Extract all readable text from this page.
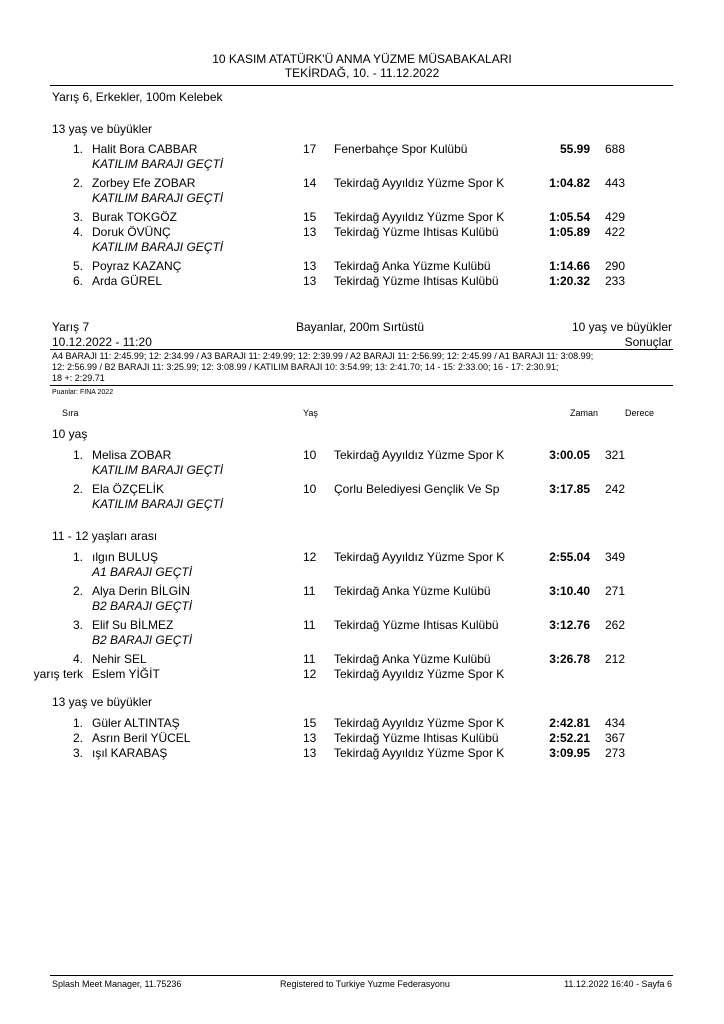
10 KASIM ATATÜRK'Ü ANMA YÜZME MÜSABAKALARI
TEKİRDAĞ, 10. - 11.12.2022
Yarış 6, Erkekler, 100m Kelebek
13 yaş ve büyükler
1. Halit Bora CABBAR	17 Fenerbahçe Spor Kulübü	55.99 688
KATILIM BARAJI GEÇTİ
2. Zorbey Efe ZOBAR	14 Tekirdağ Ayyıldız Yüzme Spor K	1:04.82 443
KATILIM BARAJI GEÇTİ
3. Burak TOKGÖZ	15 Tekirdağ Ayyıldız Yüzme Spor K	1:05.54 429
4. Doruk ÖVÜNÇ	13 Tekirdağ Yüzme Ihtisas Kulübü	1:05.89 422
KATILIM BARAJI GEÇTİ
5. Poyraz KAZANÇ	13 Tekirdağ Anka Yüzme Kulübü	1:14.66 290
6. Arda GÜREL	13 Tekirdağ Yüzme Ihtisas Kulübü	1:20.32 233
Yarış 7	Bayanlar, 200m Sırtüstü	10 yaş ve büyükler
10.12.2022 - 11:20	Sonuçlar
A4 BARAJI 11: 2:45.99; 12: 2:34.99 / A3 BARAJI 11: 2:49.99; 12: 2:39.99 / A2 BARAJI 11: 2:56.99; 12: 2:45.99 / A1 BARAJI 11: 3:08.99;
12: 2:56.99 / B2 BARAJI 11: 3:25.99; 12: 3:08.99 / KATILIM BARAJI 10: 3:54.99; 13: 2:41.70; 14 - 15: 2:33.00; 16 - 17: 2:30.91;
18 +: 2:29.71
Puanlar: FINA 2022
Sıra	Yaş	Zaman	Derece
10 yaş
1. Melisa ZOBAR	10 Tekirdağ Ayyıldız Yüzme Spor K	3:00.05 321
KATILIM BARAJI GEÇTİ
2. Ela ÖZÇELİK	10 Çorlu Belediyesi Gençlik Ve Sp	3:17.85 242
KATILIM BARAJI GEÇTİ
11 - 12 yaşları arası
1. ılgın BULUŞ	12 Tekirdağ Ayyıldız Yüzme Spor K	2:55.04 349
A1 BARAJI GEÇTİ
2. Alya Derin BİLGİN	11 Tekirdağ Anka Yüzme Kulübü	3:10.40 271
B2 BARAJI GEÇTİ
3. Elif Su BİLMEZ	11 Tekirdağ Yüzme Ihtisas Kulübü	3:12.76 262
B2 BARAJI GEÇTİ
4. Nehir SEL	11 Tekirdağ Anka Yüzme Kulübü	3:26.78 212
yarış terk Eslem YİĞİT	12 Tekirdağ Ayyıldız Yüzme Spor K
13 yaş ve büyükler
1. Güler ALTINTAŞ	15 Tekirdağ Ayyıldız Yüzme Spor K	2:42.81 434
2. Asrın Beril YÜCEL	13 Tekirdağ Yüzme Ihtisas Kulübü	2:52.21 367
3. ışıl KARABAŞ	13 Tekirdağ Ayyıldız Yüzme Spor K	3:09.95 273
Splash Meet Manager, 11.75236	Registered to Turkiye Yuzme Federasyonu	11.12.2022 16:40 - Sayfa 6
